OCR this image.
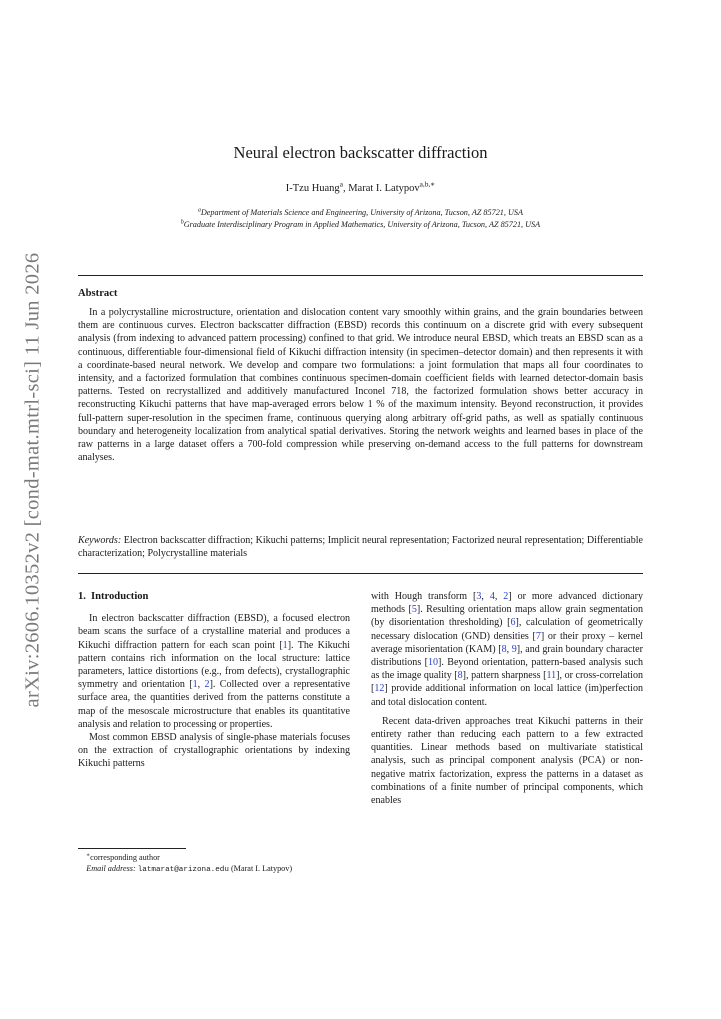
arXiv:2606.10352v2 [cond-mat.mtrl-sci] 11 Jun 2026
Neural electron backscatter diffraction
I-Tzu Huang$^a$, Marat I. Latypov$^{a,b,∗}$
$^a$Department of Materials Science and Engineering, University of Arizona, Tucson, AZ 85721, USA
$^b$Graduate Interdisciplinary Program in Applied Mathematics, University of Arizona, Tucson, AZ 85721, USA
Abstract

In a polycrystalline microstructure, orientation and dislocation content vary smoothly within grains, and the grain boundaries between them are continuous curves. Electron backscatter diffraction (EBSD) records this continuum on a discrete grid with every subsequent analysis (from indexing to advanced pattern processing) confined to that grid. We introduce neural EBSD, which treats an EBSD scan as a continuous, differentiable four-dimensional field of Kikuchi diffraction intensity (in specimen–detector domain) and then represents it with a coordinate-based neural network. We develop and compare two formulations: a joint formulation that maps all four coordinates to intensity, and a factorized formulation that combines continuous specimen-domain coefficient fields with learned detector-domain basis patterns. Tested on recrystallized and additively manufactured Inconel 718, the factorized formulation shows better accuracy in reconstructing Kikuchi patterns that have map-averaged errors below 1 % of the maximum intensity. Beyond reconstruction, it provides full-pattern super-resolution in the specimen frame, continuous querying along arbitrary off-grid paths, as well as spatially continuous boundary and heterogeneity localization from analytical spatial derivatives. Storing the network weights and learned bases in place of the raw patterns in a large dataset offers a 700-fold compression while preserving on-demand access to the full patterns for downstream analyses.

Keywords: Electron backscatter diffraction; Kikuchi patterns; Implicit neural representation; Factorized neural representation; Differentiable characterization; Polycrystalline materials
1. Introduction

In electron backscatter diffraction (EBSD), a focused electron beam scans the surface of a crystalline material and produces a Kikuchi diffraction pattern for each scan point [1]. The Kikuchi pattern contains rich information on the local structure: lattice parameters, lattice distortions (e.g., from defects), crystallographic symmetry and orientation [1, 2]. Collected over a representative surface area, the quantities derived from the patterns constitute a map of the mesoscale microstructure that enables its quantitative analysis and relation to processing or properties.

Most common EBSD analysis of single-phase materials focuses on the extraction of crystallographic orientations by indexing Kikuchi patterns

with Hough transform [3, 4, 2] or more advanced dictionary methods [5]. Resulting orientation maps allow grain segmentation (by disorientation thresholding) [6], calculation of geometrically necessary dislocation (GND) densities [7] or their proxy – kernel average misorientation (KAM) [8, 9], and grain boundary character distributions [10]. Beyond orientation, pattern-based analysis such as the image quality [8], pattern sharpness [11], or cross-correlation [12] provide additional information on local lattice (im)perfection and total dislocation content.

Recent data-driven approaches treat Kikuchi patterns in their entirety rather than reducing each pattern to a few extracted quantities. Linear methods based on multivariate statistical analysis, such as principal component analysis (PCA) or non-negative matrix factorization, express the patterns in a dataset as combinations of a finite number of principal components, which enables

∗corresponding author

Email address: latmarat@arizona.edu (Marat I. Latypov)
